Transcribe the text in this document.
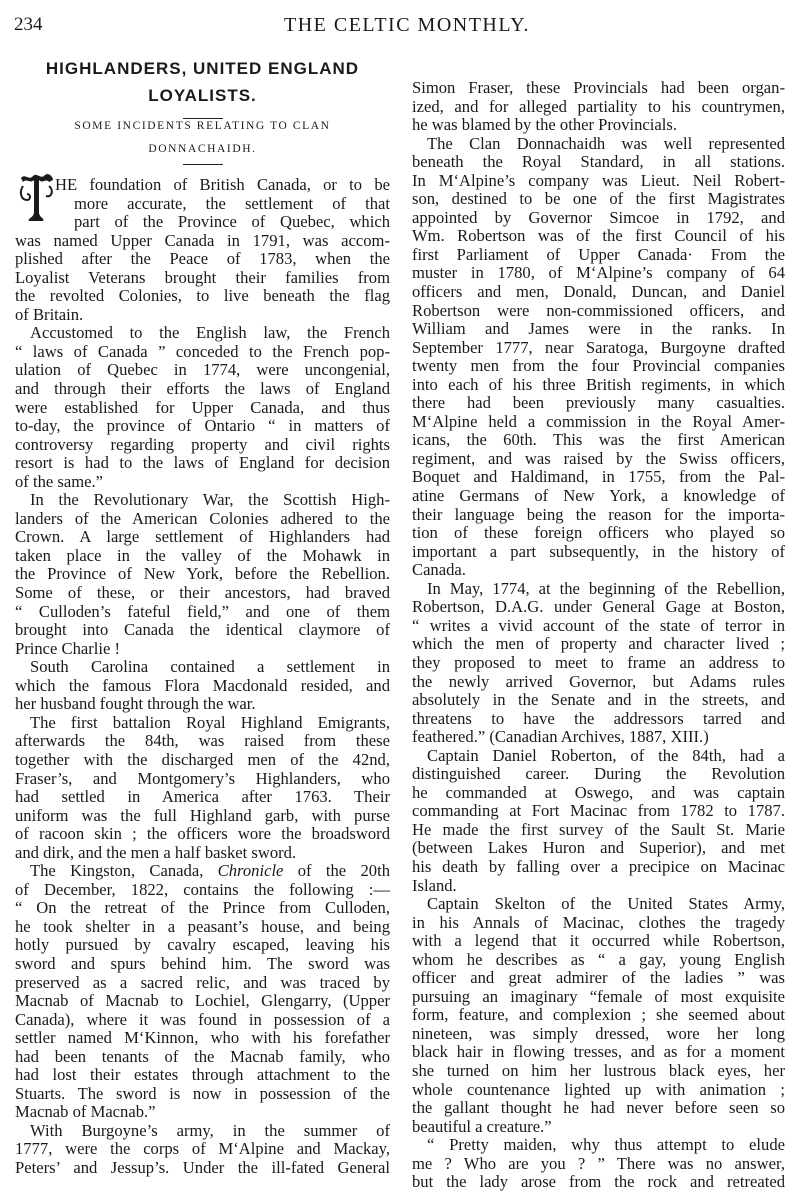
234	THE CELTIC MONTHLY.
HIGHLANDERS, UNITED ENGLAND
LOYALISTS.
SOME INCIDENTS RELATING TO CLAN
DONNACHAIDH.
HE foundation of British Canada, or to be
more accurate, the settlement of that
part of the Province of Quebec, which
was named Upper Canada in 1791, was accom-
plished after the Peace of 1783, when the
Loyalist Veterans brought their families from
the revolted Colonies, to live beneath the flag
of Britain.
Accustomed to the English law, the French
“ laws of Canada ” conceded to the French pop-
ulation of Quebec in 1774, were uncongenial,
and through their efforts the laws of England
were established for Upper Canada, and thus
to-day, the province of Ontario “ in matters of
controversy regarding property and civil rights
resort is had to the laws of England for decision
of the same.”
In the Revolutionary War, the Scottish High-
landers of the American Colonies adhered to the
Crown. A large settlement of Highlanders had
taken place in the valley of the Mohawk in
the Province of New York, before the Rebellion.
Some of these, or their ancestors, had braved
“ Culloden’s fateful field,” and one of them
brought into Canada the identical claymore of
Prince Charlie !
South Carolina contained a settlement in
which the famous Flora Macdonald resided, and
her husband fought through the war.
The first battalion Royal Highland Emigrants,
afterwards the 84th, was raised from these
together with the discharged men of the 42nd,
Fraser’s, and Montgomery’s Highlanders, who
had settled in America after 1763. Their
uniform was the full Highland garb, with purse
of racoon skin ; the officers wore the broadsword
and dirk, and the men a half basket sword.
The Kingston, Canada, Chronicle of the 20th
of December, 1822, contains the following :—
“ On the retreat of the Prince from Culloden,
he took shelter in a peasant’s house, and being
hotly pursued by cavalry escaped, leaving his
sword and spurs behind him. The sword was
preserved as a sacred relic, and was traced by
Macnab of Macnab to Lochiel, Glengarry, (Upper
Canada), where it was found in possession of a
settler named M‘Kinnon, who with his forefather
had been tenants of the Macnab family, who
had lost their estates through attachment to the
Stuarts. The sword is now in possession of the
Macnab of Macnab.”
With Burgoyne’s army, in the summer of
1777, were the corps of M‘Alpine and Mackay,
Peters’ and Jessup’s. Under the ill-fated General
Simon Fraser, these Provincials had been organ-
ized, and for alleged partiality to his countrymen,
he was blamed by the other Provincials.
The Clan Donnachaidh was well represented
beneath the Royal Standard, in all stations.
In M‘Alpine’s company was Lieut. Neil Robert-
son, destined to be one of the first Magistrates
appointed by Governor Simcoe in 1792, and
Wm. Robertson was of the first Council of his
first Parliament of Upper Canada· From the
muster in 1780, of M‘Alpine’s company of 64
officers and men, Donald, Duncan, and Daniel
Robertson were non-commissioned officers, and
William and James were in the ranks. In
September 1777, near Saratoga, Burgoyne drafted
twenty men from the four Provincial companies
into each of his three British regiments, in which
there had been previously many casualties.
M‘Alpine held a commission in the Royal Amer-
icans, the 60th. This was the first American
regiment, and was raised by the Swiss officers,
Boquet and Haldimand, in 1755, from the Pal-
atine Germans of New York, a knowledge of
their language being the reason for the importa-
tion of these foreign officers who played so
important a part subsequently, in the history of
Canada.
In May, 1774, at the beginning of the Rebellion,
Robertson, D.A.G. under General Gage at Boston,
“ writes a vivid account of the state of terror in
which the men of property and character lived ;
they proposed to meet to frame an address to
the newly arrived Governor, but Adams rules
absolutely in the Senate and in the streets, and
threatens to have the addressors tarred and
feathered.” (Canadian Archives, 1887, XIII.)
Captain Daniel Roberton, of the 84th, had a
distinguished career. During the Revolution
he commanded at Oswego, and was captain
commanding at Fort Macinac from 1782 to 1787.
He made the first survey of the Sault St. Marie
(between Lakes Huron and Superior), and met
his death by falling over a precipice on Macinac
Island.
Captain Skelton of the United States Army,
in his Annals of Macinac, clothes the tragedy
with a legend that it occurred while Robertson,
whom he describes as “ a gay, young English
officer and great admirer of the ladies ” was
pursuing an imaginary “female of most exquisite
form, feature, and complexion ; she seemed about
nineteen, was simply dressed, wore her long
black hair in flowing tresses, and as for a moment
she turned on him her lustrous black eyes, her
whole countenance lighted up with animation ;
the gallant thought he had never before seen so
beautiful a creature.”
“ Pretty maiden, why thus attempt to elude
me ? Who are you ? ” There was no answer,
but the lady arose from the rock and retreated
